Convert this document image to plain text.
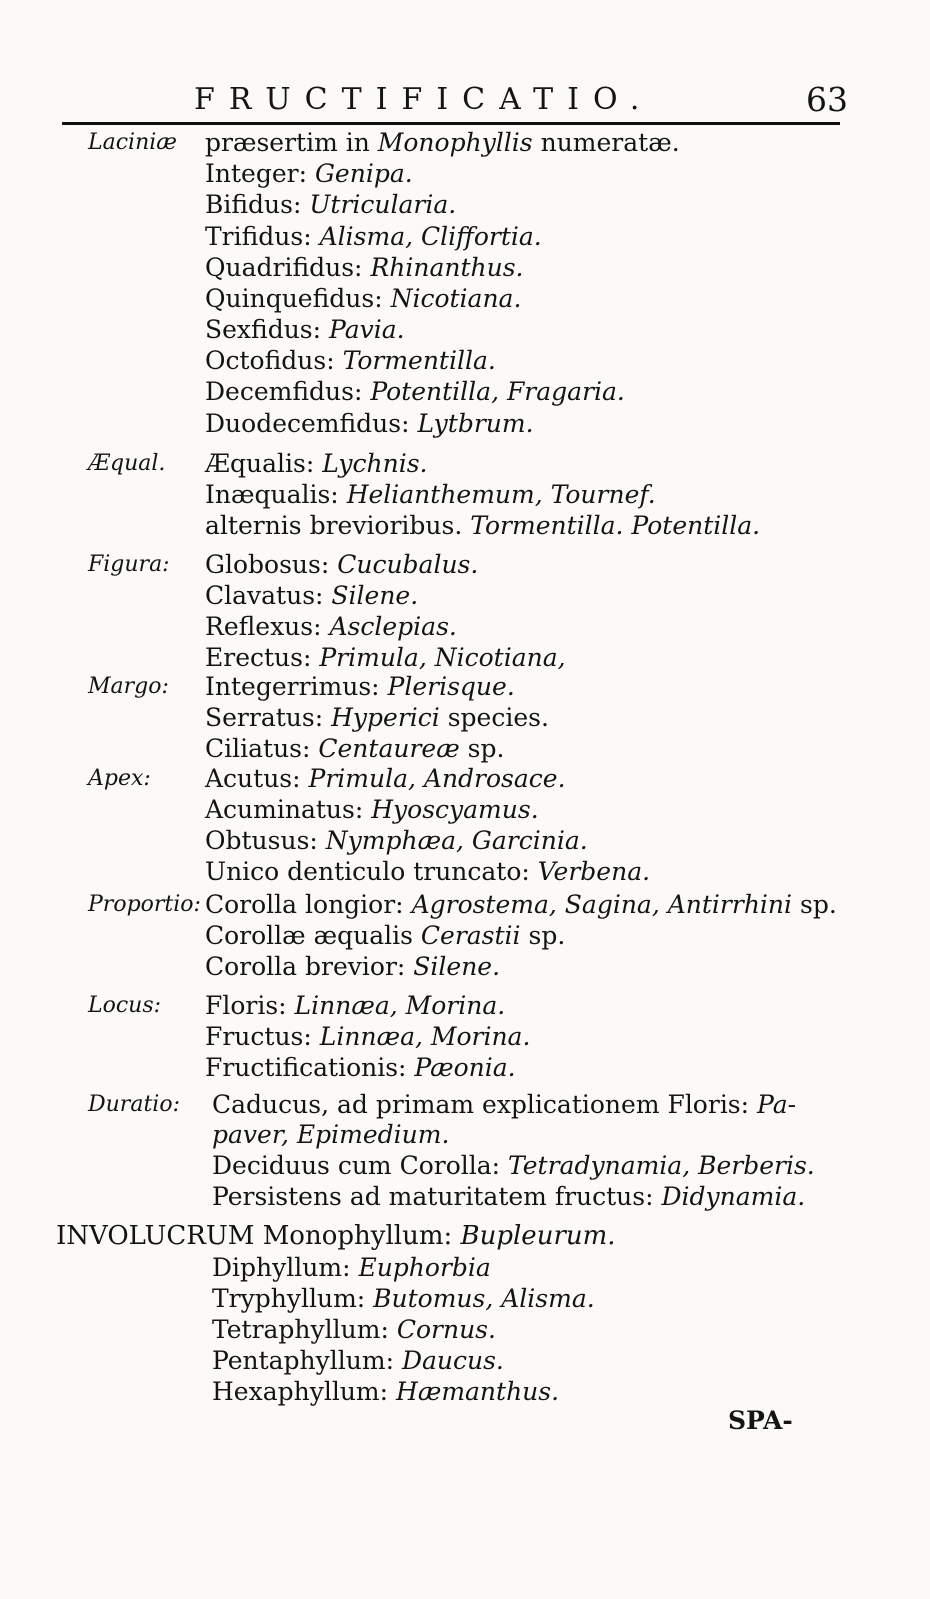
FRUCTIFICATIO.	63
Laciniæ præsertim in Monophyllis numeratæ.
Integer: Genipa.
Bifidus: Utricularia.
Trifidus: Alisma, Cliffortia.
Quadrifidus: Rhinanthus.
Quinquefidus: Nicotiana.
Sexfidus: Pavia.
Octofidus: Tormentilla.
Decemfidus: Potentilla, Fragaria.
Duodecemfidus: Lytbrum.
Æqual. Æqualis: Lychnis.
Inæqualis: Helianthemum, Tournef.
alternis brevioribus. Tormentilla. Potentilla.
Figura: Globosus: Cucubalus.
Clavatus: Silene.
Reflexus: Asclepias.
Erectus: Primula, Nicotiana,
Margo: Integerrimus: Plerisque.
Serratus: Hyperici species.
Ciliatus: Centaureæ sp.
Apex: Acutus: Primula, Androsace.
Acuminatus: Hyoscyamus.
Obtusus: Nymphæa, Garcinia.
Unico denticulo truncato: Verbena.
Proportio: Corolla longior: Agrostema, Sagina, Antirrhini sp.
Corollæ æqualis Cerastii sp.
Corolla brevior: Silene.
Locus: Floris: Linnæa, Morina.
Fructus: Linnæa, Morina.
Fructificationis: Pæonia.
Duratio: Caducus, ad primam explicationem Floris: Pa-
paver, Epimedium.
Deciduus cum Corolla: Tetradynamia, Berberis.
Persistens ad maturitatem fructus: Didynamia.
INVOLUCRUM Monophyllum: Bupleurum.
Diphyllum: Euphorbia
Tryphyllum: Butomus, Alisma.
Tetraphyllum: Cornus.
Pentaphyllum: Daucus.
Hexaphyllum: Hæmanthus.
SPA-
